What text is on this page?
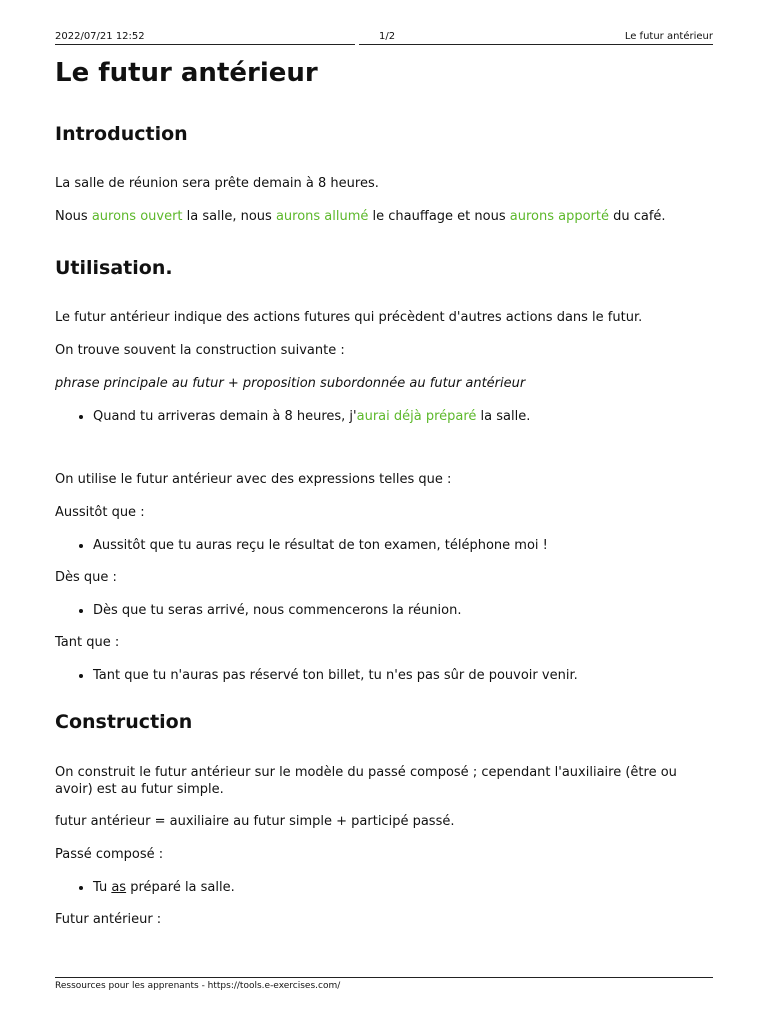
2022/07/21 12:52	1/2	Le futur antérieur
Le futur antérieur
Introduction

La salle de réunion sera prête demain à 8 heures.

Nous aurons ouvert la salle, nous aurons allumé le chauffage et nous aurons apporté du café.

Utilisation.

Le futur antérieur indique des actions futures qui précèdent d'autres actions dans le futur.

On trouve souvent la construction suivante :

phrase principale au futur + proposition subordonnée au futur antérieur

• Quand tu arriveras demain à 8 heures, j'aurai déjà préparé la salle.

On utilise le futur antérieur avec des expressions telles que :

Aussitôt que :

• Aussitôt que tu auras reçu le résultat de ton examen, téléphone moi !

Dès que :

• Dès que tu seras arrivé, nous commencerons la réunion.

Tant que :

• Tant que tu n'auras pas réservé ton billet, tu n'es pas sûr de pouvoir venir.
Construction

On construit le futur antérieur sur le modèle du passé composé ; cependant l'auxiliaire (être ou avoir) est au futur simple.

futur antérieur = auxiliaire au futur simple + participé passé.

Passé composé :

• Tu as préparé la salle.

Futur antérieur :

Ressources pour les apprenants - https://tools.e-exercises.com/
